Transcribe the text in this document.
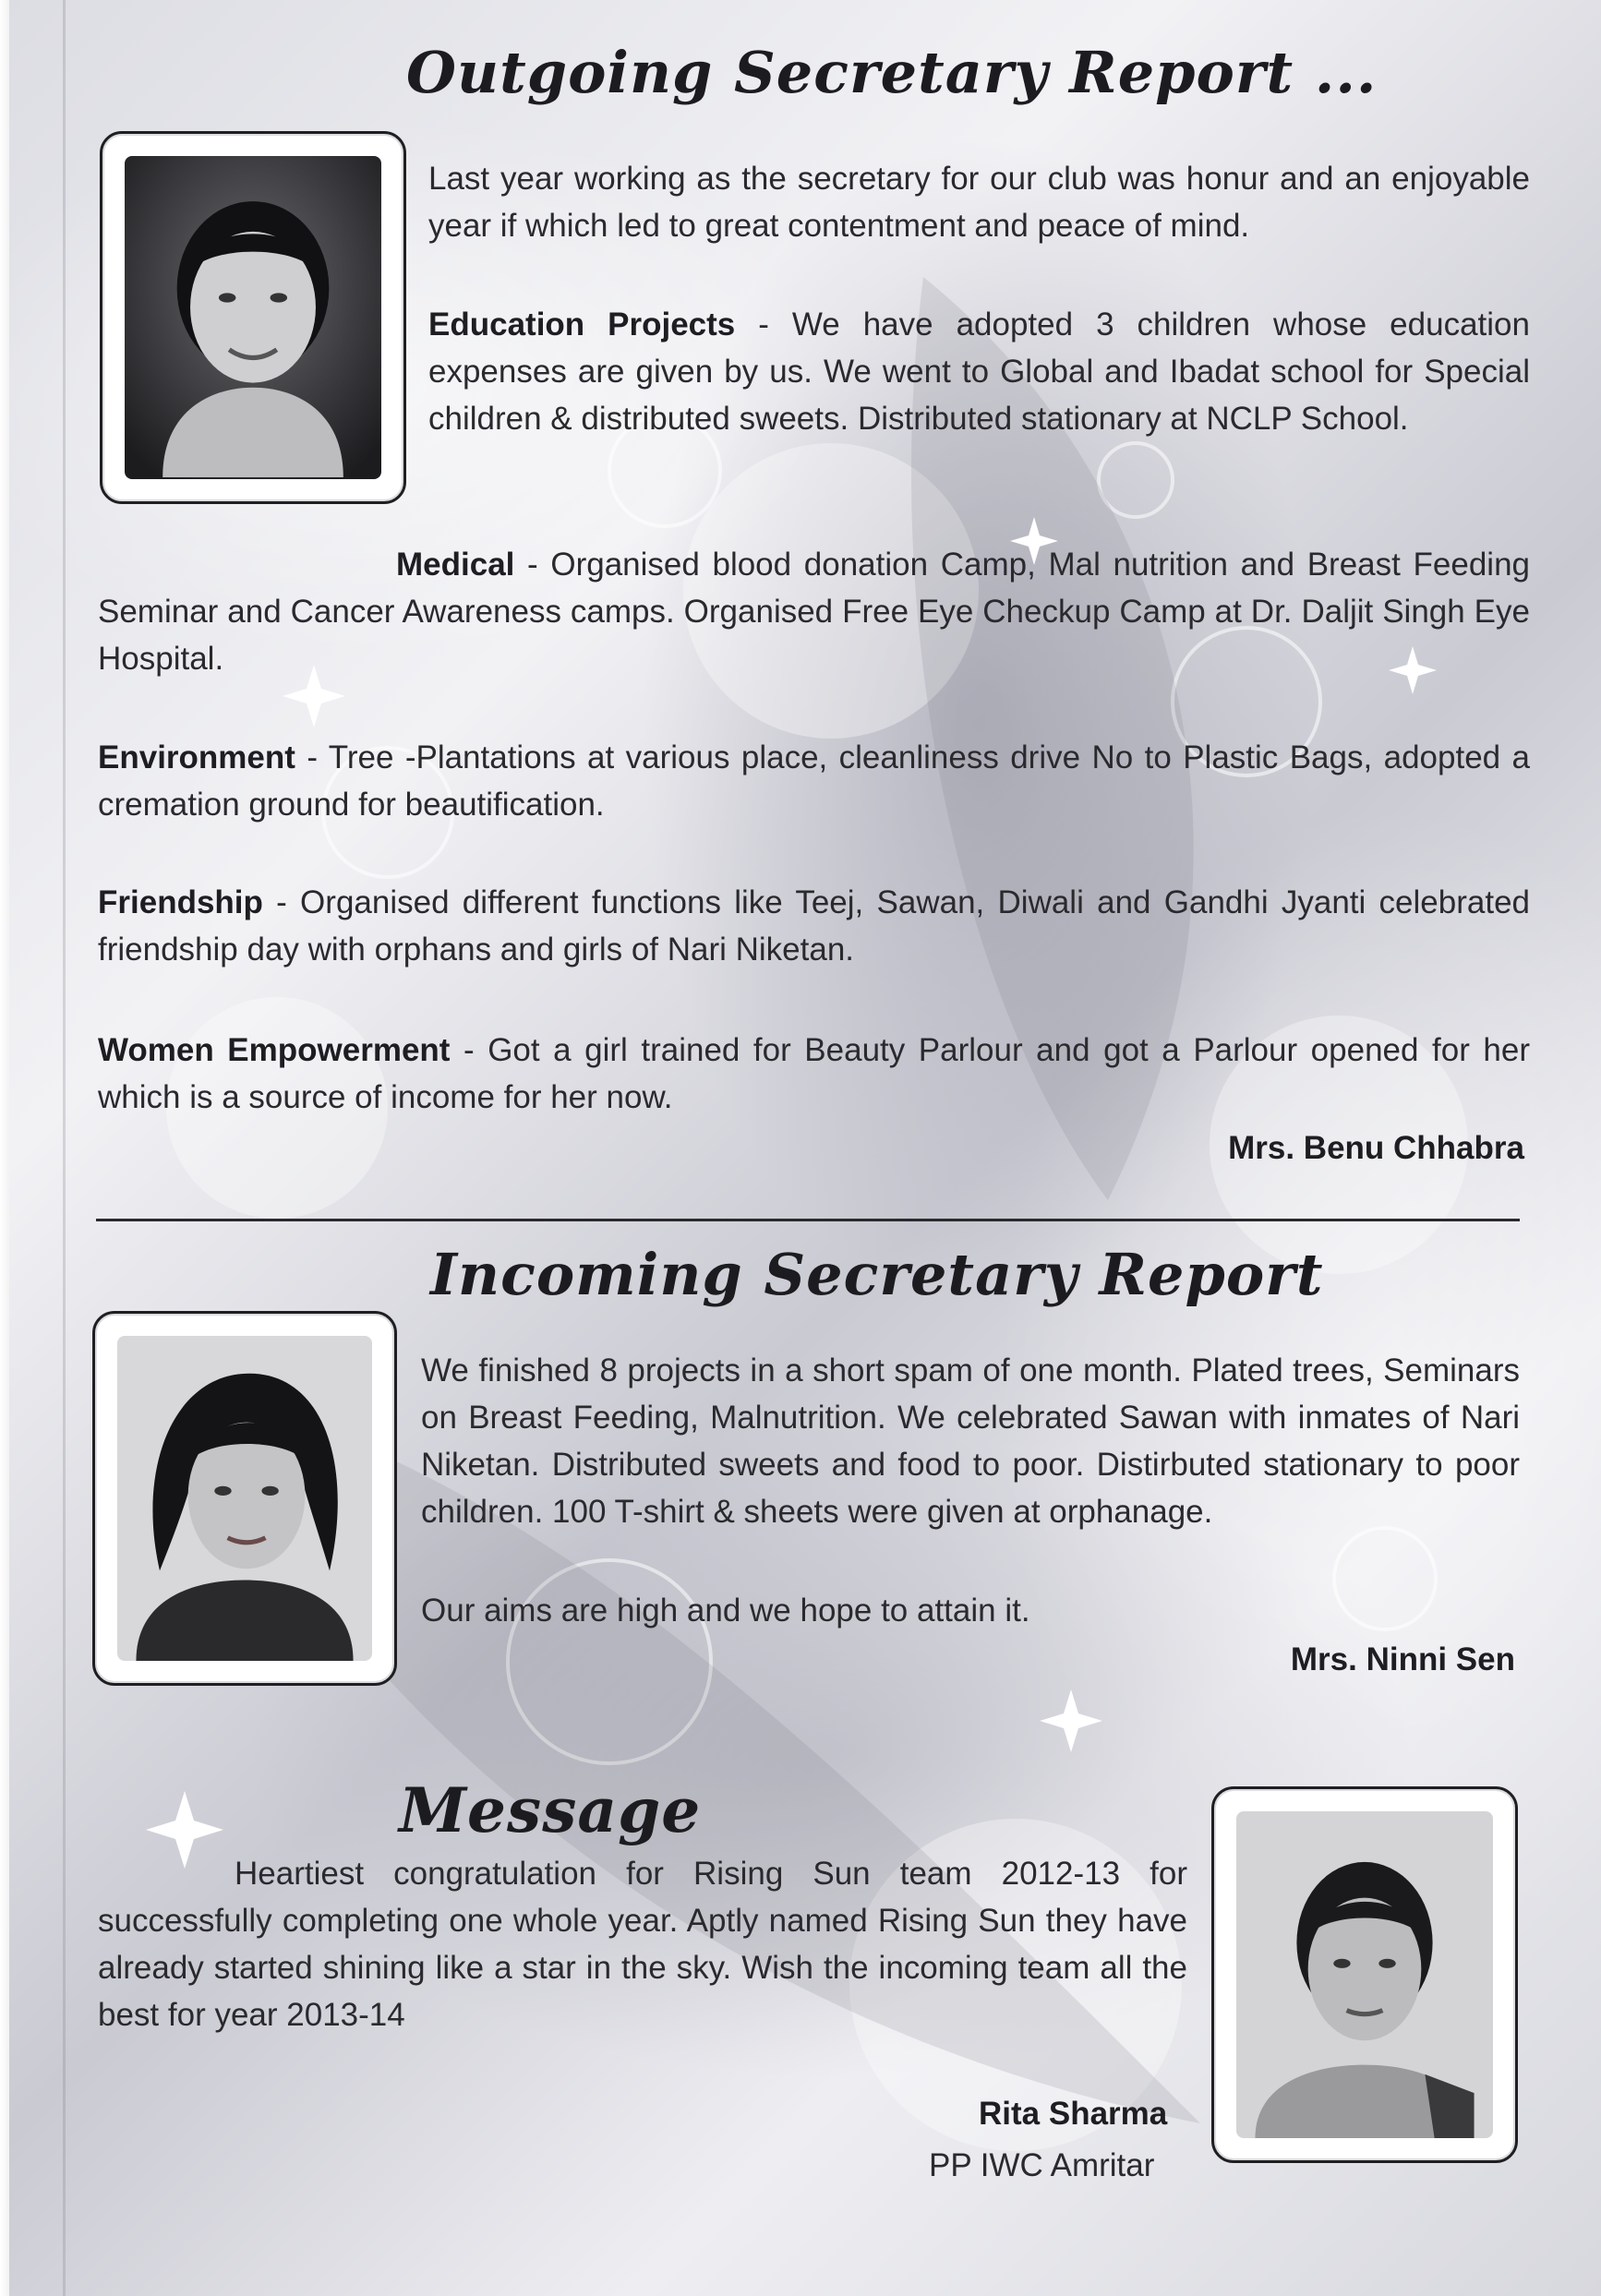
Outgoing Secretary Report ...

Last year working as the secretary for our club was honur and an enjoyable year if which led to great contentment and peace of mind.

Education Projects - We have adopted 3 children whose education expenses are given by us. We went to Global and Ibadat school for Special children & distributed sweets. Distributed stationary at NCLP School.

Medical - Organised blood donation Camp, Mal nutrition and Breast Feeding Seminar and Cancer Awareness camps. Organised Free Eye Checkup Camp at Dr. Daljit Singh Eye Hospital.

Environment - Tree -Plantations at various place, cleanliness drive No to Plastic Bags, adopted a cremation ground for beautification.

Friendship - Organised different functions like Teej, Sawan, Diwali and Gandhi Jyanti celebrated friendship day with orphans and girls of Nari Niketan.

Women Empowerment - Got a girl trained for Beauty Parlour and got a Parlour opened for her which is a source of income for her now.

Mrs. Benu Chhabra

Incoming Secretary Report

We finished 8 projects in a short spam of one month. Plated trees, Seminars on Breast Feeding, Malnutrition. We celebrated Sawan with inmates of Nari Niketan. Distributed sweets and food to poor. Distirbuted stationary to poor children. 100 T-shirt & sheets were given at orphanage.

Our aims are high and we hope to attain it.

Mrs. Ninni Sen

Message

Heartiest congratulation for Rising Sun team 2012-13 for successfully completing one whole year. Aptly named Rising Sun they have already started shining like a star in the sky. Wish the incoming team all the best for year 2013-14

Rita Sharma

PP IWC Amritar
